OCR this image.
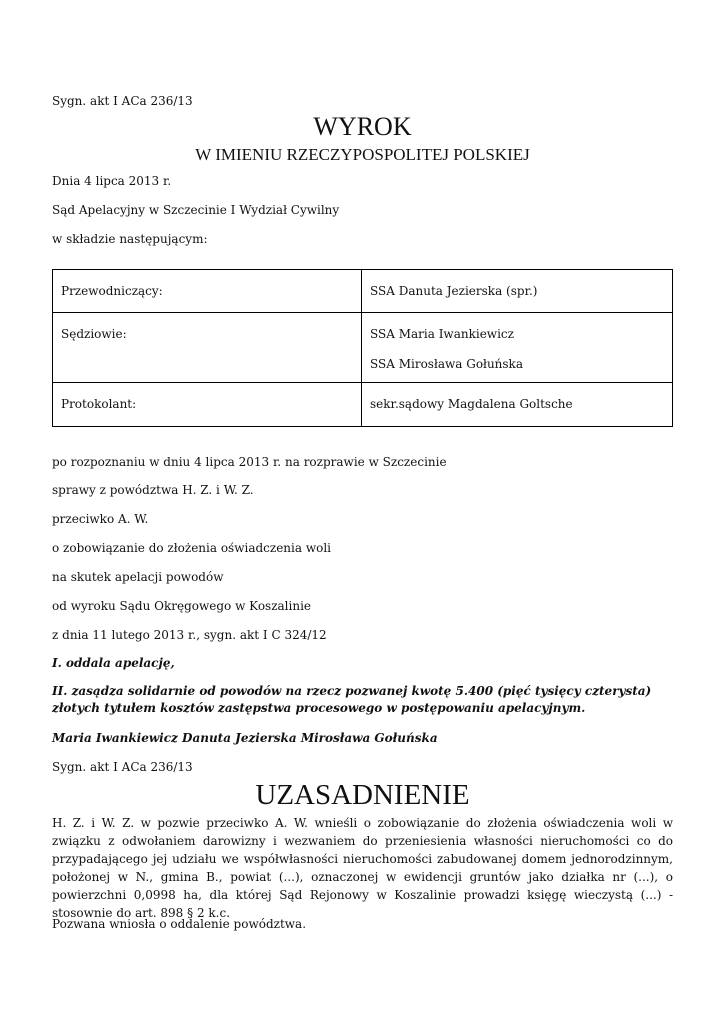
Sygn. akt I ACa 236/13

WYROK
W IMIENIU RZECZYPOSPOLITEJ POLSKIEJ

Dnia 4 lipca 2013 r.

Sąd Apelacyjny w Szczecinie I Wydział Cywilny

w składzie następującym:

Przewodniczący:	SSA Danuta Jezierska (spr.)

Sędziowie:	SSA Maria Iwankiewicz

SSA Mirosława Gołuńska

Protokolant:	sekr.sądowy Magdalena Goltsche

po rozpoznaniu w dniu 4 lipca 2013 r. na rozprawie w Szczecinie

sprawy z powództwa H. Z. i W. Z.

przeciwko A. W.

o zobowiązanie do złożenia oświadczenia woli

na skutek apelacji powodów

od wyroku Sądu Okręgowego w Koszalinie

z dnia 11 lutego 2013 r., sygn. akt I C 324/12

I. oddala apelację,

II. zasądza solidarnie od powodów na rzecz pozwanej kwotę 5.400 (pięć tysięcy czterysta) złotych tytułem kosztów zastępstwa procesowego w postępowaniu apelacyjnym.

Maria Iwankiewicz Danuta Jezierska Mirosława Gołuńska

Sygn. akt I ACa 236/13

UZASADNIENIE

H. Z. i W. Z. w pozwie przeciwko A. W. wnieśli o zobowiązanie do złożenia oświadczenia woli w związku z odwołaniem darowizny i wezwaniem do przeniesienia własności nieruchomości co do przypadającego jej udziału we współwłasności nieruchomości zabudowanej domem jednorodzinnym, położonej w N., gmina B., powiat (...), oznaczonej w ewidencji gruntów jako działka nr (...), o powierzchni 0,0998 ha, dla której Sąd Rejonowy w Koszalinie prowadzi księgę wieczystą (...) - stosownie do art. 898 § 2 k.c.

Pozwana wniosła o oddalenie powództwa.
